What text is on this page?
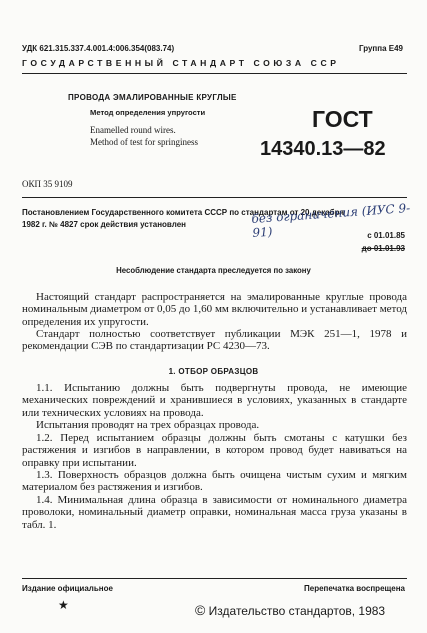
УДК 621.315.337.4.001.4:006.354(083.74)	Группа Е49
ГОСУДАРСТВЕННЫЙ СТАНДАРТ СОЮЗА ССР
ПРОВОДА ЭМАЛИРОВАННЫЕ КРУГЛЫЕ
Метод определения упругости
Enamelled round wires.
Method of test for springiness
ГОСТ
14340.13—82
ОКП 35 9109
Постановлением Государственного комитета СССР по стандартам от 20 декабря
1982 г. № 4827 срок действия установлен	без ограничения (ИУС 9-91)	с 01.01.85
до 01.01.93
Несоблюдение стандарта преследуется по закону
Настоящий стандарт распространяется на эмалированные круглые провода номинальным диаметром от 0,05 до 1,60 мм включительно и устанавливает метод определения их упругости.
Стандарт полностью соответствует публикации МЭК 251—1, 1978 и рекомендации СЭВ по стандартизации РС 4230—73.
1. ОТБОР ОБРАЗЦОВ
1.1. Испытанию должны быть подвергнуты провода, не имеющие механических повреждений и хранившиеся в условиях, указанных в стандарте или технических условиях на провода.
Испытания проводят на трех образцах провода.
1.2. Перед испытанием образцы должны быть смотаны с катушки без растяжения и изгибов в направлении, в котором провод будет навиваться на оправку при испытании.
1.3. Поверхность образцов должна быть очищена чистым сухим и мягким материалом без растяжения и изгибов.
1.4. Минимальная длина образца в зависимости от номинального диаметра проволоки, номинальный диаметр оправки, номинальная масса груза указаны в табл. 1.
Издание официальное	Перепечатка воспрещена
★	© Издательство стандартов, 1983
